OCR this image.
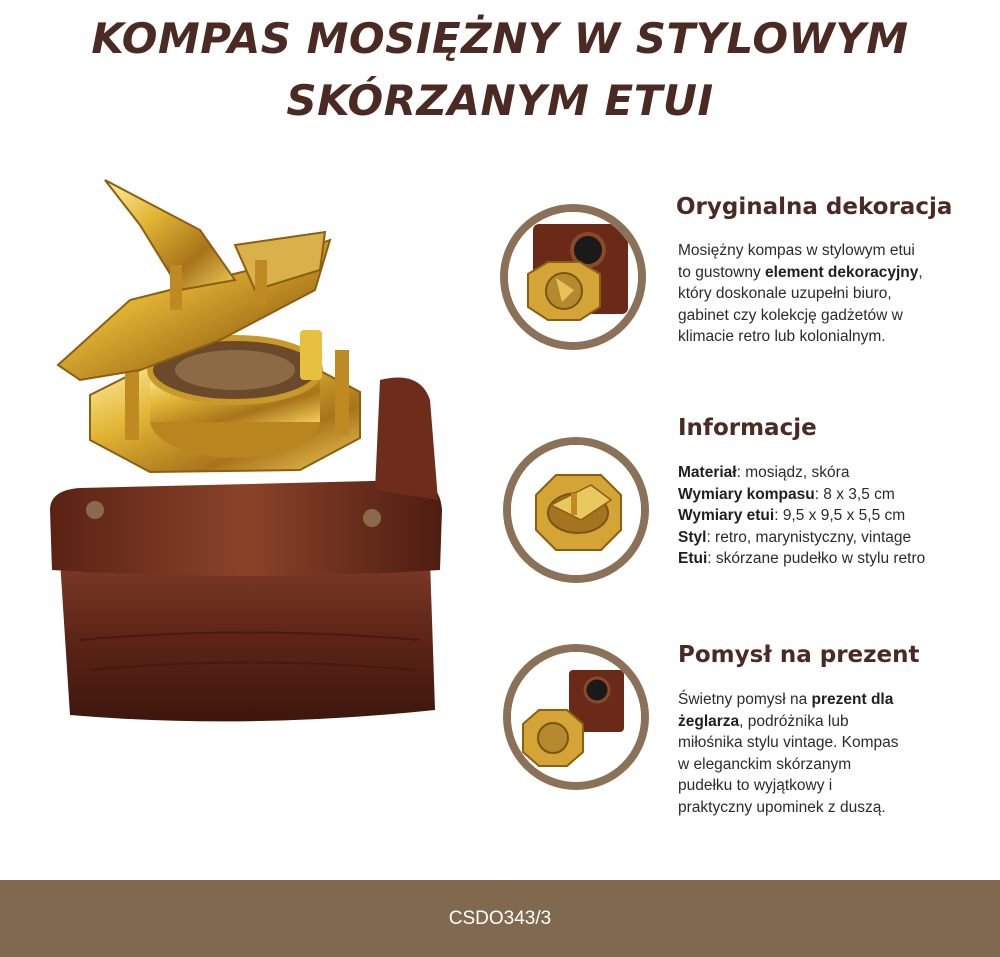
KOMPAS MOSIĘŻNY W STYLOWYM
SKÓRZANYM ETUI
Oryginalna dekoracja
Mosiężny kompas w stylowym etui to gustowny element dekoracyjny, który doskonale uzupełni biuro, gabinet czy kolekcję gadżetów w klimacie retro lub kolonialnym.
Informacje
Materiał: mosiądz, skóra
Wymiary kompasu: 8 x 3,5 cm
Wymiary etui: 9,5 x 9,5 x 5,5 cm
Styl: retro, marynistyczny, vintage
Etui: skórzane pudełko w stylu retro
Pomysł na prezent
Świetny pomysł na prezent dla żeglarza, podróżnika lub miłośnika stylu vintage. Kompas w eleganckim skórzanym pudełku to wyjątkowy i praktyczny upominek z duszą.
CSDO343/3
